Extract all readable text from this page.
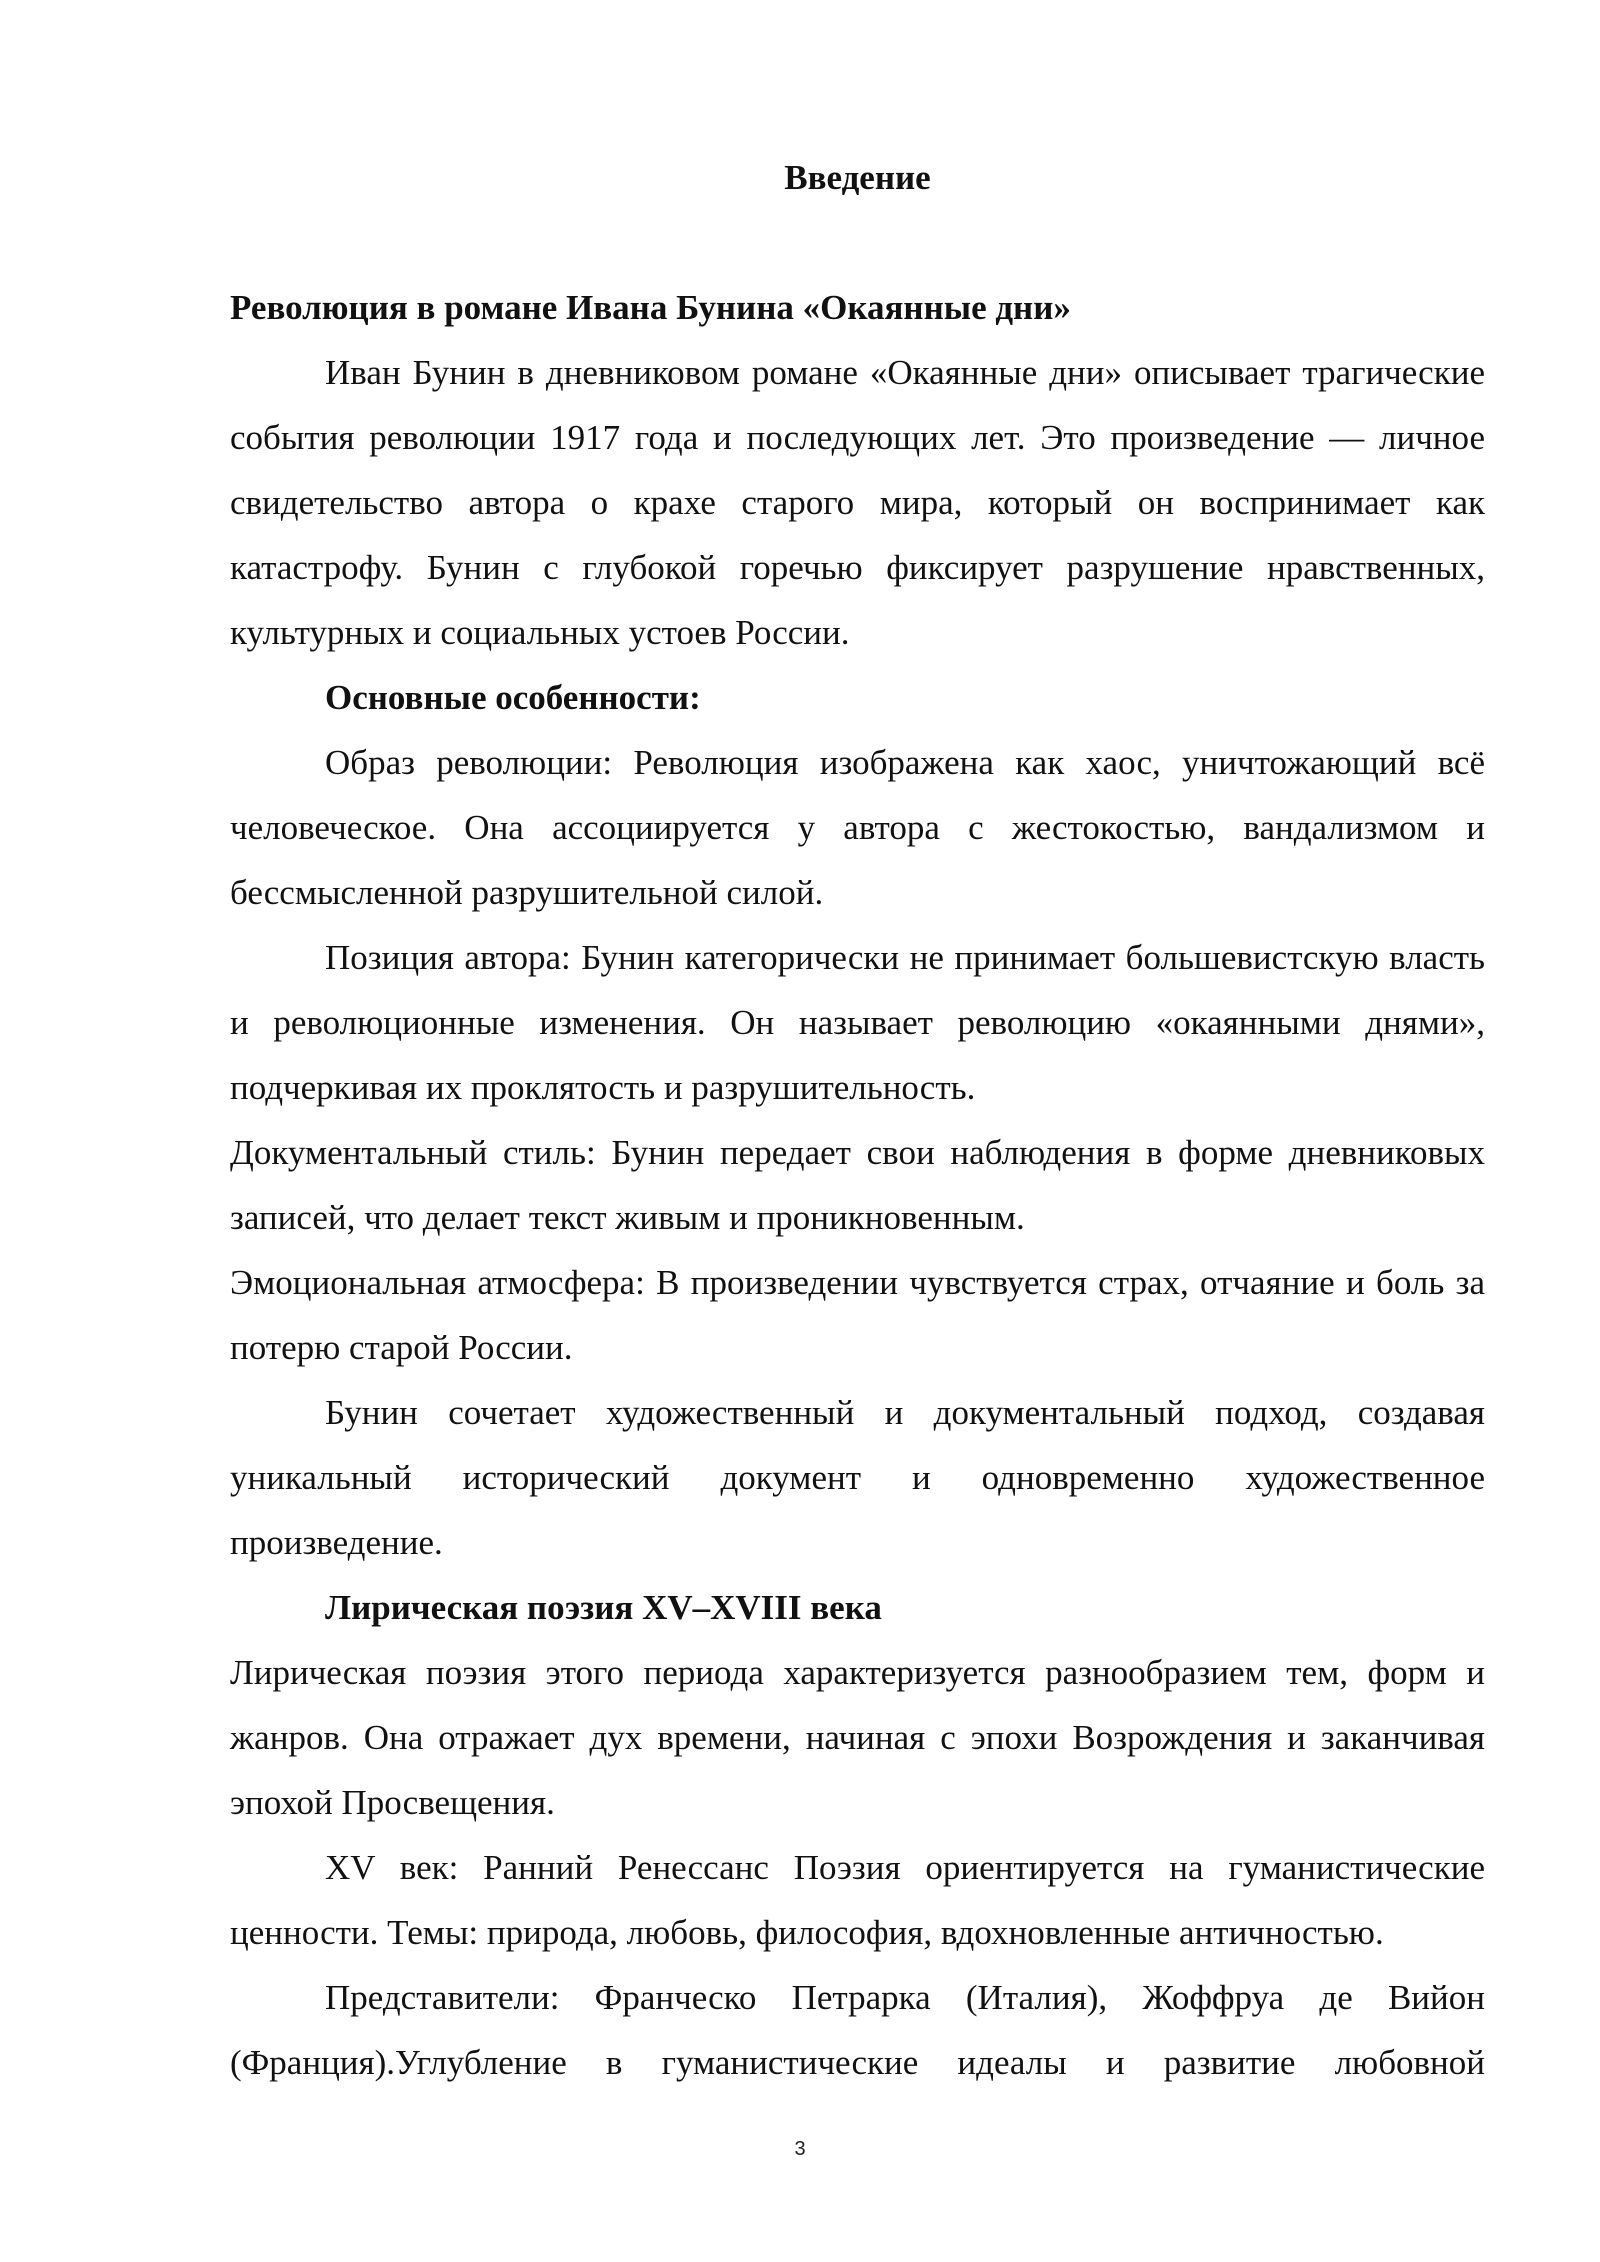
Введение

Революция в романе Ивана Бунина «Окаянные дни»

Иван Бунин в дневниковом романе «Окаянные дни» описывает трагические события революции 1917 года и последующих лет. Это произведение — личное свидетельство автора о крахе старого мира, который он воспринимает как катастрофу. Бунин с глубокой горечью фиксирует разрушение нравственных, культурных и социальных устоев России.

Основные особенности:

Образ революции: Революция изображена как хаос, уничтожающий всё человеческое. Она ассоциируется у автора с жестокостью, вандализмом и бессмысленной разрушительной силой.

Позиция автора: Бунин категорически не принимает большевистскую власть и революционные изменения. Он называет революцию «окаянными днями», подчеркивая их проклятость и разрушительность.

Документальный стиль: Бунин передает свои наблюдения в форме дневниковых записей, что делает текст живым и проникновенным.

Эмоциональная атмосфера: В произведении чувствуется страх, отчаяние и боль за потерю старой России.

Бунин сочетает художественный и документальный подход, создавая уникальный исторический документ и одновременно художественное произведение.

Лирическая поэзия XV–XVIII века

Лирическая поэзия этого периода характеризуется разнообразием тем, форм и жанров. Она отражает дух времени, начиная с эпохи Возрождения и заканчивая эпохой Просвещения.

XV век: Ранний Ренессанс Поэзия ориентируется на гуманистические ценности. Темы: природа, любовь, философия, вдохновленные античностью.

Представители: Франческо Петрарка (Италия), Жоффруа де Вийон (Франция).Углубление в гуманистические идеалы и развитие любовной

3
